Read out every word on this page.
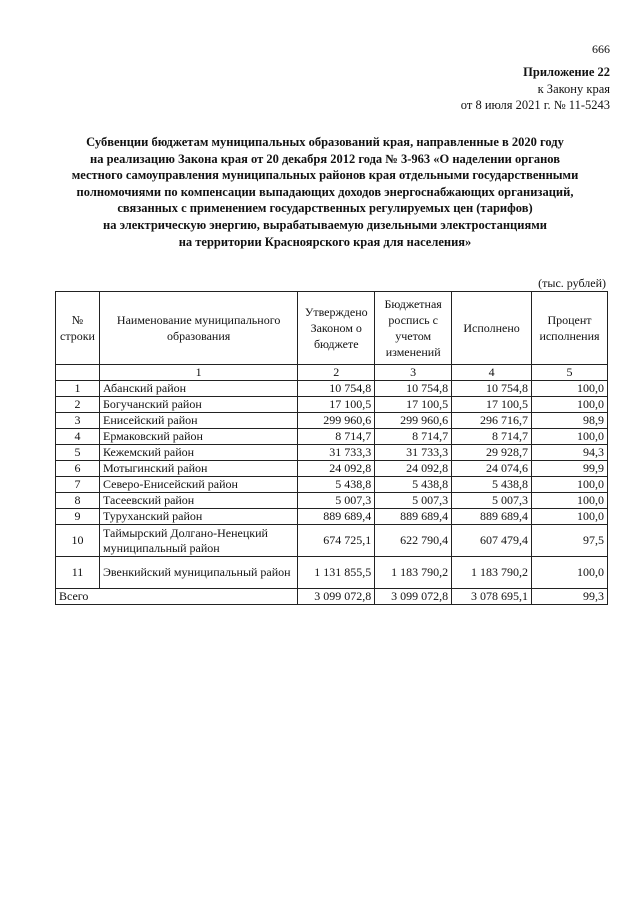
666
Приложение 22
к Закону края
от 8 июля 2021 г. № 11-5243
Субвенции бюджетам муниципальных образований края, направленные в 2020 году
на реализацию Закона края от 20 декабря 2012 года № 3-963 «О наделении органов
местного самоуправления муниципальных районов края отдельными государственными
полномочиями по компенсации выпадающих доходов энергоснабжающих организаций,
связанных с применением государственных регулируемых цен (тарифов)
на электрическую энергию, вырабатываемую дизельными электростанциями
на территории Красноярского края для населения»
(тыс. рублей)
№ строки	Наименование муниципального образования	Утверждено Законом о бюджете	Бюджетная роспись с учетом изменений	Исполнено	Процент исполнения
	1	2	3	4	5
1	Абанский район	10 754,8	10 754,8	10 754,8	100,0
2	Богучанский район	17 100,5	17 100,5	17 100,5	100,0
3	Енисейский район	299 960,6	299 960,6	296 716,7	98,9
4	Ермаковский район	8 714,7	8 714,7	8 714,7	100,0
5	Кежемский район	31 733,3	31 733,3	29 928,7	94,3
6	Мотыгинский район	24 092,8	24 092,8	24 074,6	99,9
7	Северо-Енисейский район	5 438,8	5 438,8	5 438,8	100,0
8	Тасеевский район	5 007,3	5 007,3	5 007,3	100,0
9	Туруханский район	889 689,4	889 689,4	889 689,4	100,0
10	Таймырский Долгано-Ненецкий муниципальный район	674 725,1	622 790,4	607 479,4	97,5
11	Эвенкийский муниципальный район	1 131 855,5	1 183 790,2	1 183 790,2	100,0
Всего		3 099 072,8	3 099 072,8	3 078 695,1	99,3
